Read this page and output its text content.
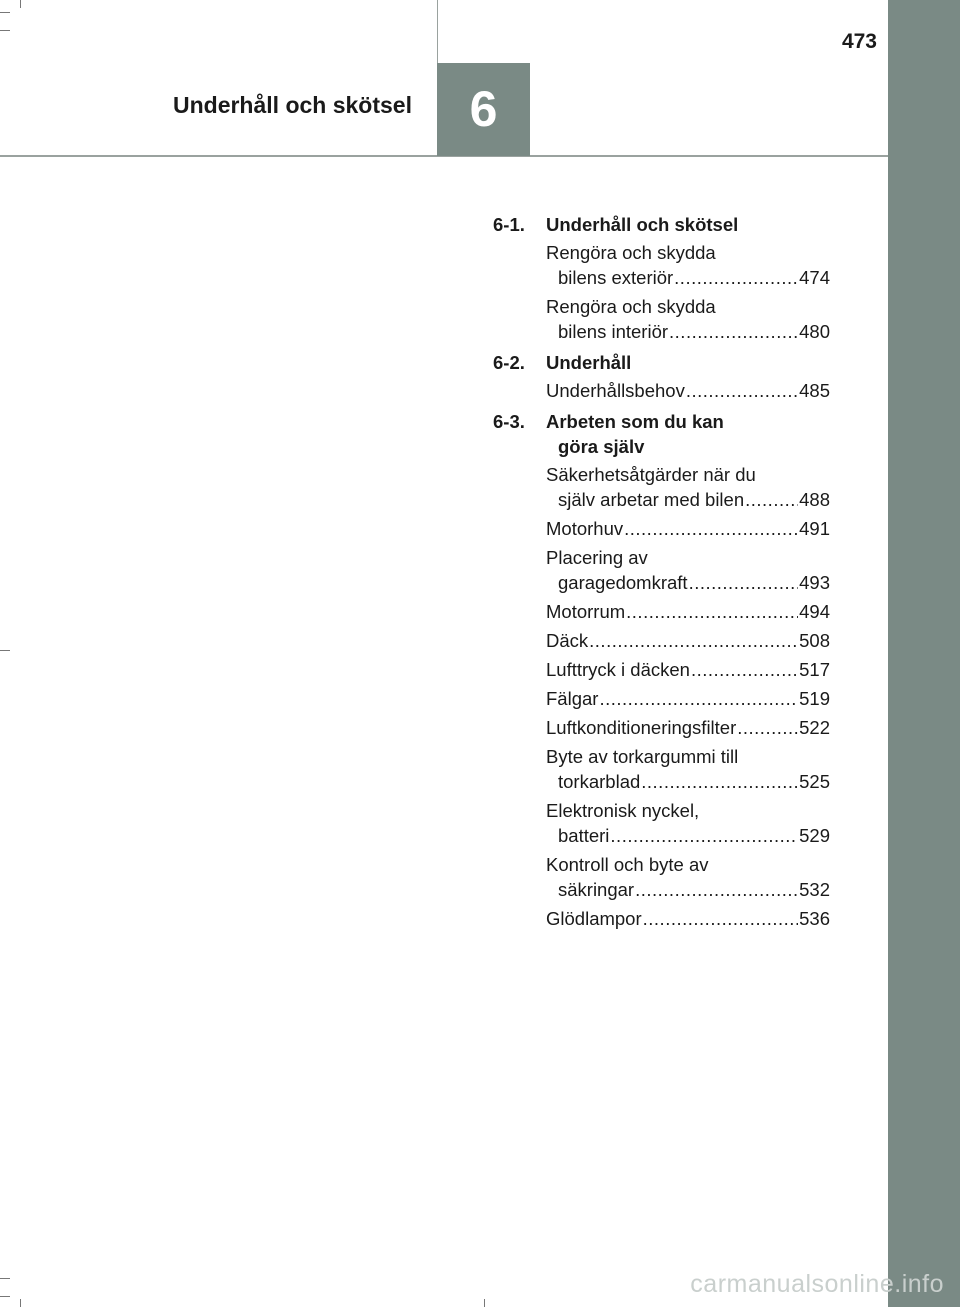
6
Underhåll och skötsel
473
6-1. Underhåll och skötsel
Rengöra och skydda
bilens exteriör .....	474
Rengöra och skydda
bilens interiör .....	480
6-2. Underhåll
Underhållsbehov .....	485
6-3. Arbeten som du kan
göra själv
Säkerhetsåtgärder när du
själv arbetar med bilen .....	488
Motorhuv .....	491
Placering av
garagedomkraft .....	493
Motorrum .....	494
Däck .....	508
Lufttryck i däcken .....	517
Fälgar .....	519
Luftkonditioneringsfilter .....	522
Byte av torkargummi till
torkarblad .....	525
Elektronisk nyckel,
batteri .....	529
Kontroll och byte av
säkringar .....	532
Glödlampor .....	536
carmanualsonline.info
